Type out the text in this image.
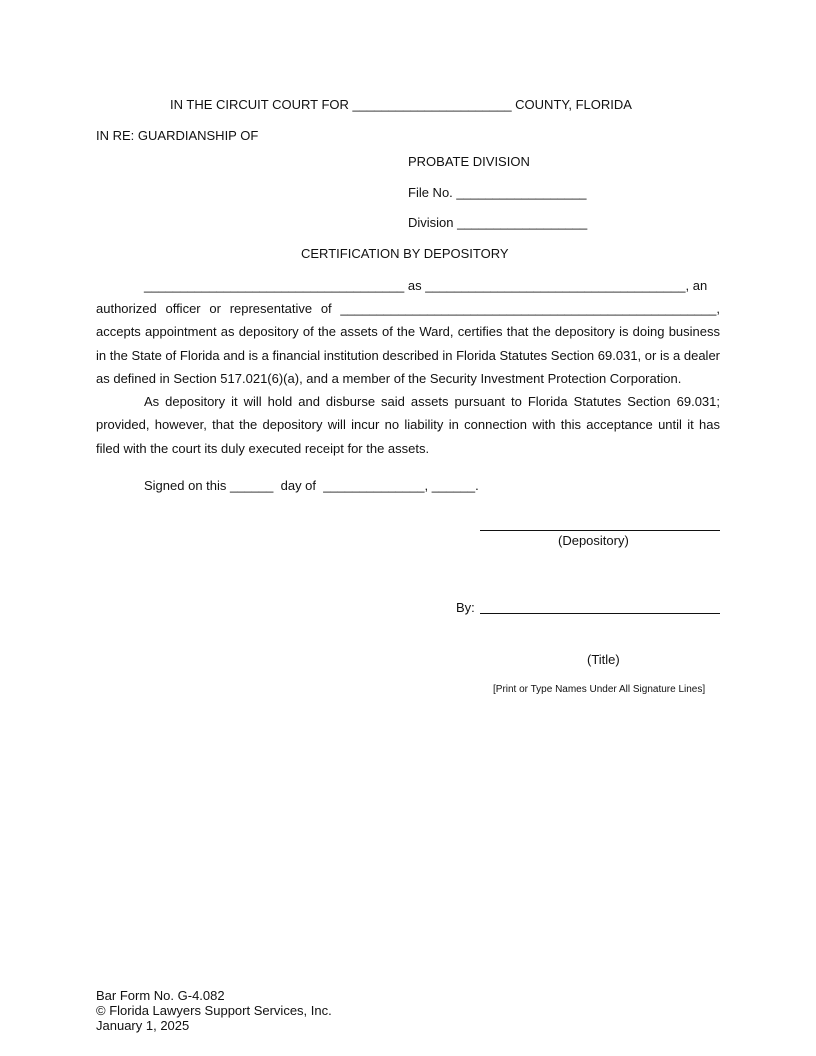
IN THE CIRCUIT COURT FOR ______________________ COUNTY, FLORIDA
IN RE: GUARDIANSHIP OF
PROBATE DIVISION
File No. __________________
Division __________________
CERTIFICATION BY DEPOSITORY
____________________________________ as ____________________________________, an
authorized officer or representative of ____________________________________________________, accepts appointment as depository of the assets of the Ward, certifies that the depository is doing business in the State of Florida and is a financial institution described in Florida Statutes Section 69.031, or is a dealer as defined in Section 517.021(6)(a), and a member of the Security Investment Protection Corporation.
As depository it will hold and disburse said assets pursuant to Florida Statutes Section 69.031; provided, however, that the depository will incur no liability in connection with this acceptance until it has filed with the court its duly executed receipt for the assets.
Signed on this ______  day of  ______________, ______.
(Depository)
By:
(Title)
[Print or Type Names Under All Signature Lines]
Bar Form No. G-4.082
© Florida Lawyers Support Services, Inc.
January 1, 2025
